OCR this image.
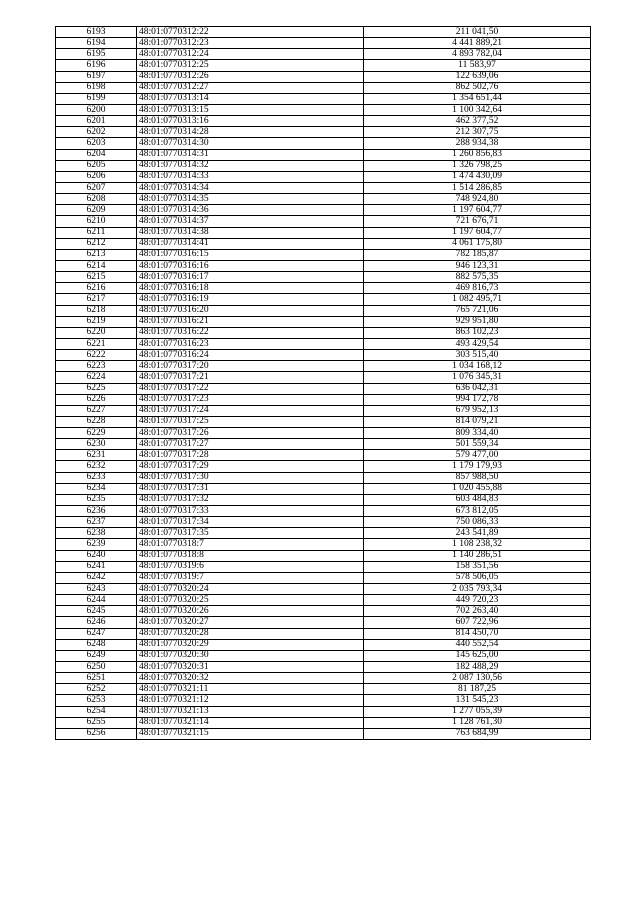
6193	48:01:0770312:22	211 041,50
6194	48:01:0770312:23	4 441 889,21
6195	48:01:0770312:24	4 893 782,04
6196	48:01:0770312:25	11 583,97
6197	48:01:0770312:26	122 639,06
6198	48:01:0770312:27	862 502,76
6199	48:01:0770313:14	1 354 651,44
6200	48:01:0770313:15	1 100 342,64
6201	48:01:0770313:16	462 377,52
6202	48:01:0770314:28	212 307,75
6203	48:01:0770314:30	288 934,38
6204	48:01:0770314:31	1 260 856,83
6205	48:01:0770314:32	1 326 798,25
6206	48:01:0770314:33	1 474 430,09
6207	48:01:0770314:34	1 514 286,85
6208	48:01:0770314:35	748 924,80
6209	48:01:0770314:36	1 197 604,77
6210	48:01:0770314:37	721 676,71
6211	48:01:0770314:38	1 197 604,77
6212	48:01:0770314:41	4 061 175,80
6213	48:01:0770316:15	782 185,87
6214	48:01:0770316:16	946 123,31
6215	48:01:0770316:17	882 575,35
6216	48:01:0770316:18	469 816,73
6217	48:01:0770316:19	1 082 495,71
6218	48:01:0770316:20	765 721,06
6219	48:01:0770316:21	929 951,80
6220	48:01:0770316:22	863 102,23
6221	48:01:0770316:23	493 429,54
6222	48:01:0770316:24	303 515,40
6223	48:01:0770317:20	1 034 168,12
6224	48:01:0770317:21	1 076 345,31
6225	48:01:0770317:22	636 042,31
6226	48:01:0770317:23	994 172,78
6227	48:01:0770317:24	679 952,13
6228	48:01:0770317:25	814 079,21
6229	48:01:0770317:26	809 334,40
6230	48:01:0770317:27	501 559,34
6231	48:01:0770317:28	579 477,00
6232	48:01:0770317:29	1 179 179,93
6233	48:01:0770317:30	857 988,50
6234	48:01:0770317:31	1 020 455,88
6235	48:01:0770317:32	603 484,83
6236	48:01:0770317:33	673 812,05
6237	48:01:0770317:34	750 086,33
6238	48:01:0770317:35	243 541,89
6239	48:01:0770318:7	1 108 238,32
6240	48:01:0770318:8	1 140 286,51
6241	48:01:0770319:6	158 351,56
6242	48:01:0770319:7	578 506,05
6243	48:01:0770320:24	2 035 793,34
6244	48:01:0770320:25	449 720,23
6245	48:01:0770320:26	702 263,40
6246	48:01:0770320:27	607 722,96
6247	48:01:0770320:28	814 450,70
6248	48:01:0770320:29	440 552,54
6249	48:01:0770320:30	145 625,00
6250	48:01:0770320:31	182 488,29
6251	48:01:0770320:32	2 087 130,56
6252	48:01:0770321:11	81 187,25
6253	48:01:0770321:12	131 545,23
6254	48:01:0770321:13	1 277 055,39
6255	48:01:0770321:14	1 128 761,30
6256	48:01:0770321:15	763 684,99
